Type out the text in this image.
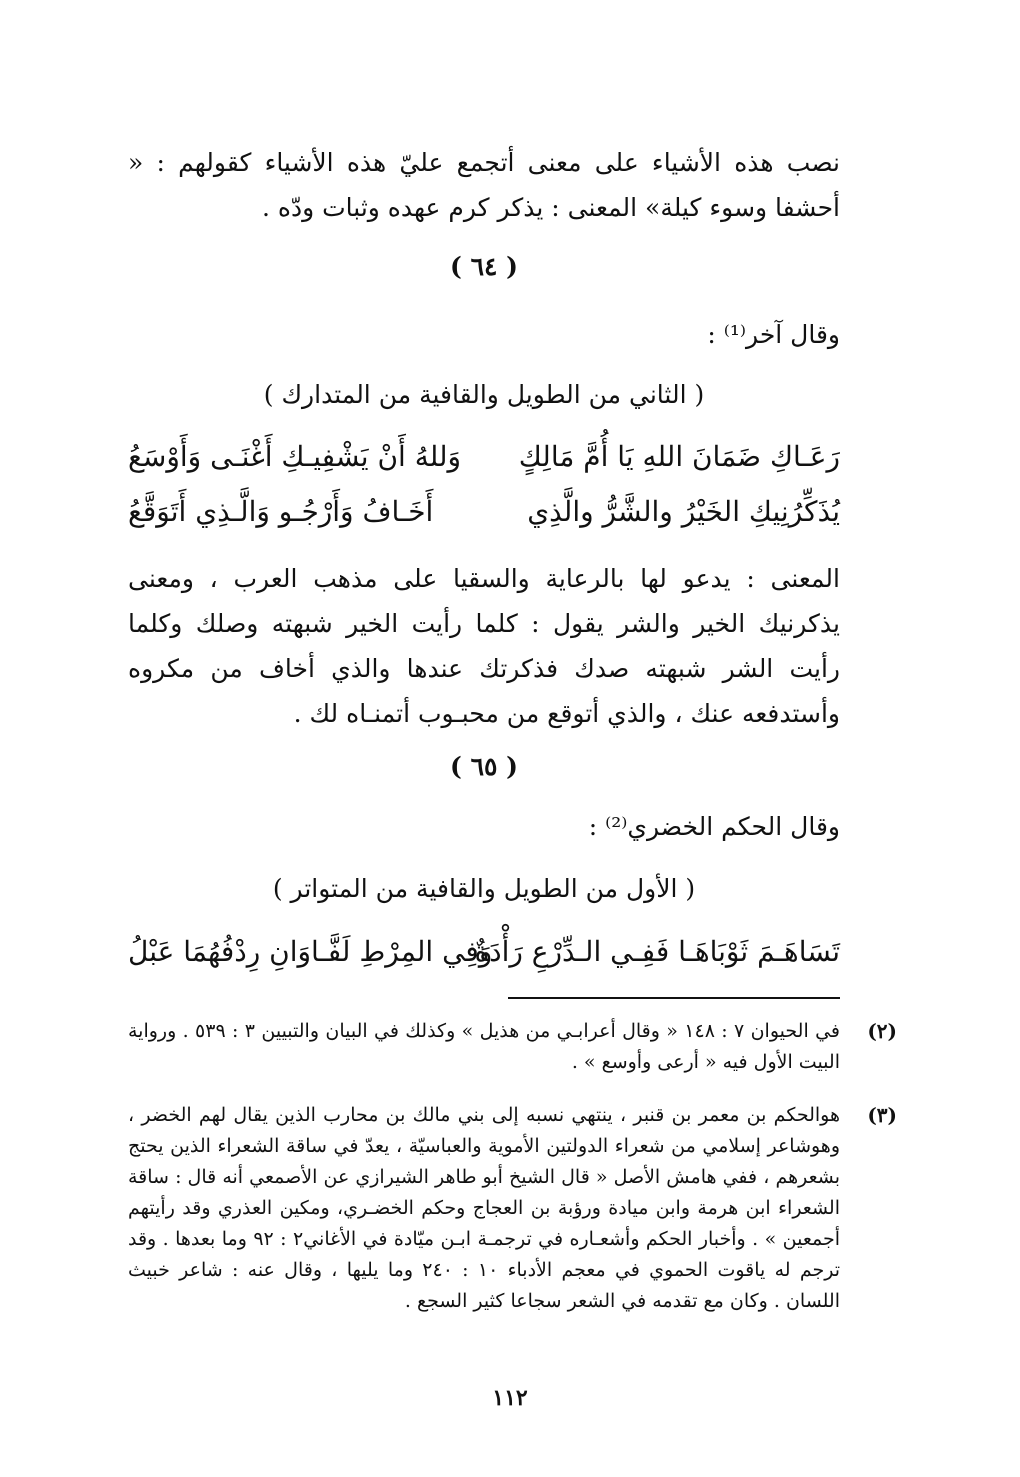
نصب هذه الأشياء على معنى أتجمع عليّ هذه الأشياء كقولهم : « أحشفا وسوء كيلة» المعنى : يذكر كرم عهده وثبات ودّه .
( ٦٤ )
وقال آخر⁽¹⁾ :
( الثاني من الطويل والقافية من المتدارك )
رَعَـاكِ ضَمَانَ اللهِ يَا أُمَّ مَالِكٍ
وَللهُ أَنْ يَشْفِيـكِ أَغْنَـى وَأَوْسَعُ
يُذَكِّرُنِيكِ الخَيْرُ والشَّرُّ والَّذِي
أَخَـافُ وَأَرْجُـو وَالَّـذِي أَتَوَقَّعُ
المعنى : يدعو لها بالرعاية والسقيا على مذهب العرب ، ومعنى يذكرنيك الخير والشر يقول : كلما رأيت الخير شبهته وصلك وكلما رأيت الشر شبهته صدك فذكرتك عندها والذي أخاف من مكروه وأستدفعه عنك ، والذي أتوقع من محبـوب أتمنـاه لك .
( ٦٥ )
وقال الحكم الخضري⁽²⁾ :
( الأول من الطويل والقافية من المتواتر )
تَسَاهَـمَ ثَوْبَاهَـا فَفِـي الـدِّرْعِ رَأْدَةٌ
وَفِي المِرْطِ لَفَّـاوَانِ رِدْفُهُمَا عَبْلُ
(٢)
في الحيوان ٧ : ١٤٨ « وقال أعرابـي من هذيل » وكذلك في البيان والتبيين ٣ : ٥٣٩ . ورواية البيت الأول فيه « أرعى وأوسع » .
(٣)
هوالحكم بن معمر بن قنبر ، ينتهي نسبه إلى بني مالك بن محارب الذين يقال لهم الخضر ، وهوشاعر إسلامي من شعراء الدولتين الأموية والعباسيّة ، يعدّ في ساقة الشعراء الذين يحتج بشعرهم ، ففي هامش الأصل « قال الشيخ أبو طاهر الشيرازي عن الأصمعي أنه قال : ساقة الشعراء ابن هرمة وابن ميادة ورؤبة بن العجاج وحكم الخضـري، ومكين العذري وقد رأيتهم أجمعين » . وأخبار الحكم وأشعـاره في ترجمـة ابـن ميّادة في الأغاني٢ : ٩٢ وما بعدها . وقد ترجم له ياقوت الحموي في معجم الأدباء ١٠ : ٢٤٠ وما يليها ، وقال عنه : شاعر خبيث اللسان . وكان مع تقدمه في الشعر سجاعا كثير السجع .
١١٢
